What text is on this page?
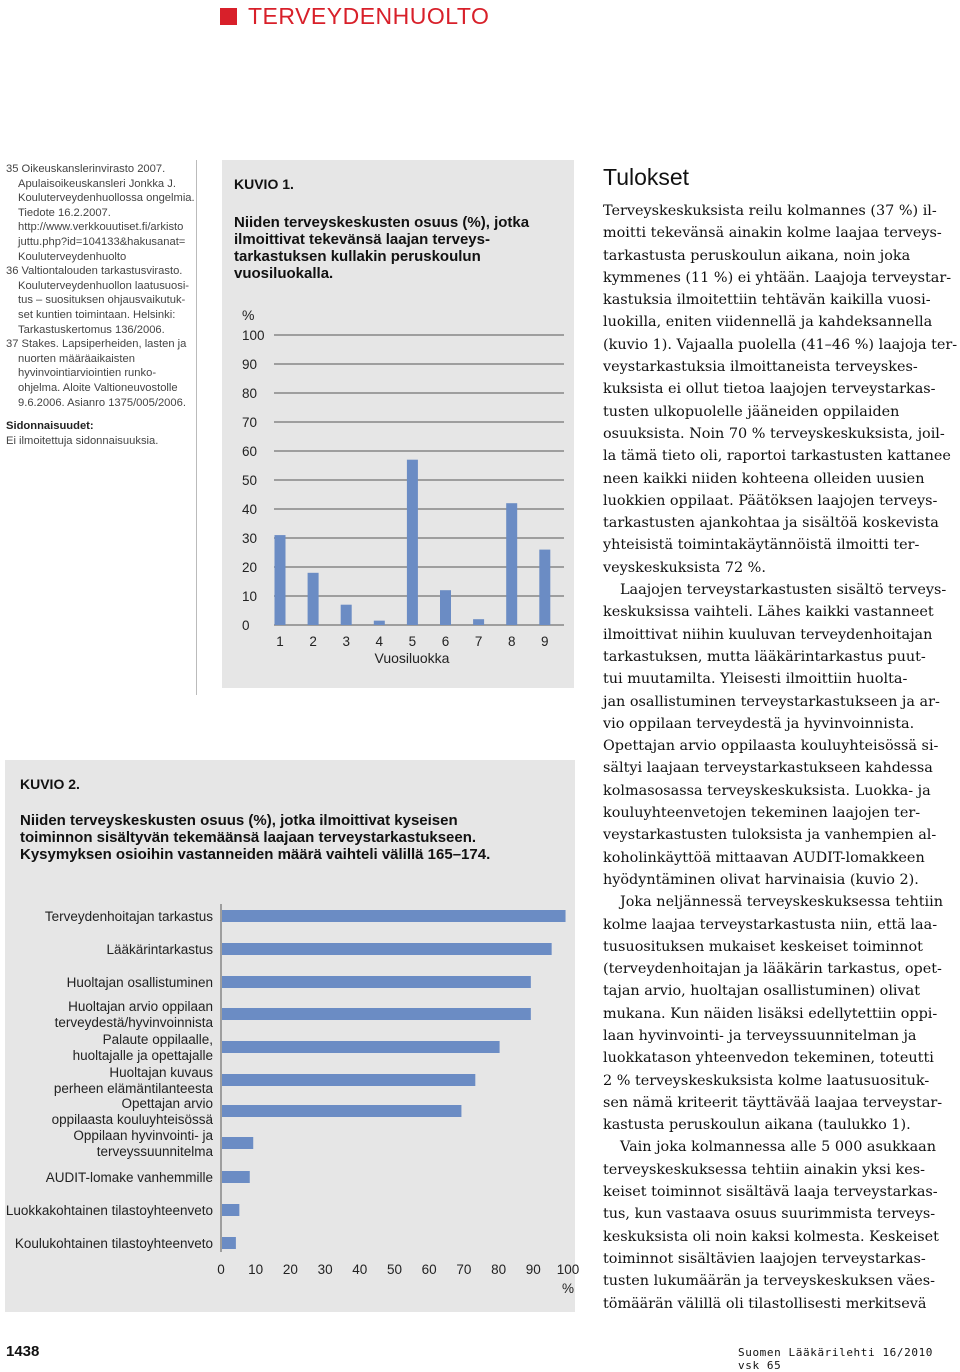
TERVEYDENHUOLTO
35 Oikeuskanslerinvirasto 2007.
Apulaisoikeuskansleri Jonkka J.
Kouluterveydenhuollossa ongelmia.
Tiedote 16.2.2007.
http://www.verkkouutiset.fi/arkisto
juttu.php?id=104133&hakusanat=
Kouluterveydenhuolto
36 Valtiontalouden tarkastusvirasto.
Kouluterveydenhuollon laatusuosi-
tus – suosituksen ohjausvaikutuk-
set kuntien toimintaan. Helsinki:
Tarkastuskertomus 136/2006.
37 Stakes. Lapsiperheiden, lasten ja
nuorten määräaikaisten
hyvinvointiarviointien runko-
ohjelma. Aloite Valtioneuvostolle
9.6.2006. Asianro 1375/005/2006.
Sidonnaisuudet:
Ei ilmoitettuja sidonnaisuuksia.
KUVIO 1.
Niiden terveyskeskusten osuus (%), jotka
ilmoittivat tekevänsä laajan terveys-
tarkastuksen kullakin peruskoulun
vuosiluokalla.
%
0
10
20
30
40
50
60
70
80
90
100
1 2 3 4 5 6 7 8 9
Vuosiluokka
KUVIO 2.
Niiden terveyskeskusten osuus (%), jotka ilmoittivat kyseisen
toiminnon sisältyvän tekemäänsä laajaan terveystarkastukseen.
Kysymyksen osioihin vastanneiden määrä vaihteli välillä 165–174.
Terveydenhoitajan tarkastus
Lääkärintarkastus
Huoltajan osallistuminen
Huoltajan arvio oppilaan
terveydestä/hyvinvoinnista
Palaute oppilaalle,
huoltajalle ja opettajalle
Huoltajan kuvaus
perheen elämäntilanteesta
Opettajan arvio
oppilaasta kouluyhteisössä
Oppilaan hyvinvointi- ja
terveyssuunnitelma
AUDIT-lomake vanhemmille
Luokkakohtainen tilastoyhteenveto
Koulukohtainen tilastoyhteenveto
0 10 20 30 40 50 60 70 80 90 100
%
Tulokset
Terveyskeskuksista reilu kolmannes (37 %) il-
moitti tekevänsä ainakin kolme laajaa terveys-
tarkastusta peruskoulun aikana, noin joka
kymmenes (11 %) ei yhtään. Laajoja terveystar-
kastuksia ilmoitettiin tehtävän kaikilla vuosi-
luokilla, eniten viidennellä ja kahdeksannella
(kuvio 1). Vajaalla puolella (41–46 %) laajoja ter-
veystarkastuksia ilmoittaneista terveyskes-
kuksista ei ollut tietoa laajojen terveystarkas-
tusten ulkopuolelle jääneiden oppilaiden
osuuksista. Noin 70 % terveyskeskuksista, joil-
la tämä tieto oli, raportoi tarkastusten kattanee
neen kaikki niiden kohteena olleiden uusien
luokkien oppilaat. Päätöksen laajojen terveys-
tarkastusten ajankohtaa ja sisältöä koskevista
yhteisistä toimintakäytännöistä ilmoitti ter-
veyskeskuksista 72 %.
Laajojen terveystarkastusten sisältö terveys-
keskuksissa vaihteli. Lähes kaikki vastanneet
ilmoittivat niihin kuuluvan terveydenhoitajan
tarkastuksen, mutta lääkärintarkastus puut-
tui muutamilta. Yleisesti ilmoittiin huolta-
jan osallistuminen terveystarkastukseen ja ar-
vio oppilaan terveydestä ja hyvinvoinnista.
Opettajan arvio oppilaasta kouluyhteisössä si-
sältyi laajaan terveystarkastukseen kahdessa
kolmasosassa terveyskeskuksista. Luokka- ja
kouluyhteenvetojen tekeminen laajojen ter-
veystarkastusten tuloksista ja vanhempien al-
koholinkäyttöä mittaavan AUDIT-lomakkeen
hyödyntäminen olivat harvinaisia (kuvio 2).
Joka neljännessä terveyskeskuksessa tehtiin
kolme laajaa terveystarkastusta niin, että laa-
tusuosituksen mukaiset keskeiset toiminnot
(terveydenhoitajan ja lääkärin tarkastus, opet-
tajan arvio, huoltajan osallistuminen) olivat
mukana. Kun näiden lisäksi edellytettiin oppi-
laan hyvinvointi- ja terveyssuunnitelman ja
luokkatason yhteenvedon tekeminen, toteutti
2 % terveyskeskuksista kolme laatusuosituk-
sen nämä kriteerit täyttävää laajaa terveystar-
kastusta peruskoulun aikana (taulukko 1).
Vain joka kolmannessa alle 5 000 asukkaan
terveyskeskuksessa tehtiin ainakin yksi kes-
keiset toiminnot sisältävä laaja terveystarkas-
tus, kun vastaava osuus suurimmista terveys-
keskuksista oli noin kaksi kolmesta. Keskeiset
toiminnot sisältävien laajojen terveystarkas-
tusten lukumäärän ja terveyskeskuksen väes-
tömäärän välillä oli tilastollisesti merkitsevä
1438	Suomen Lääkärilehti 16/2010 vsk 65
